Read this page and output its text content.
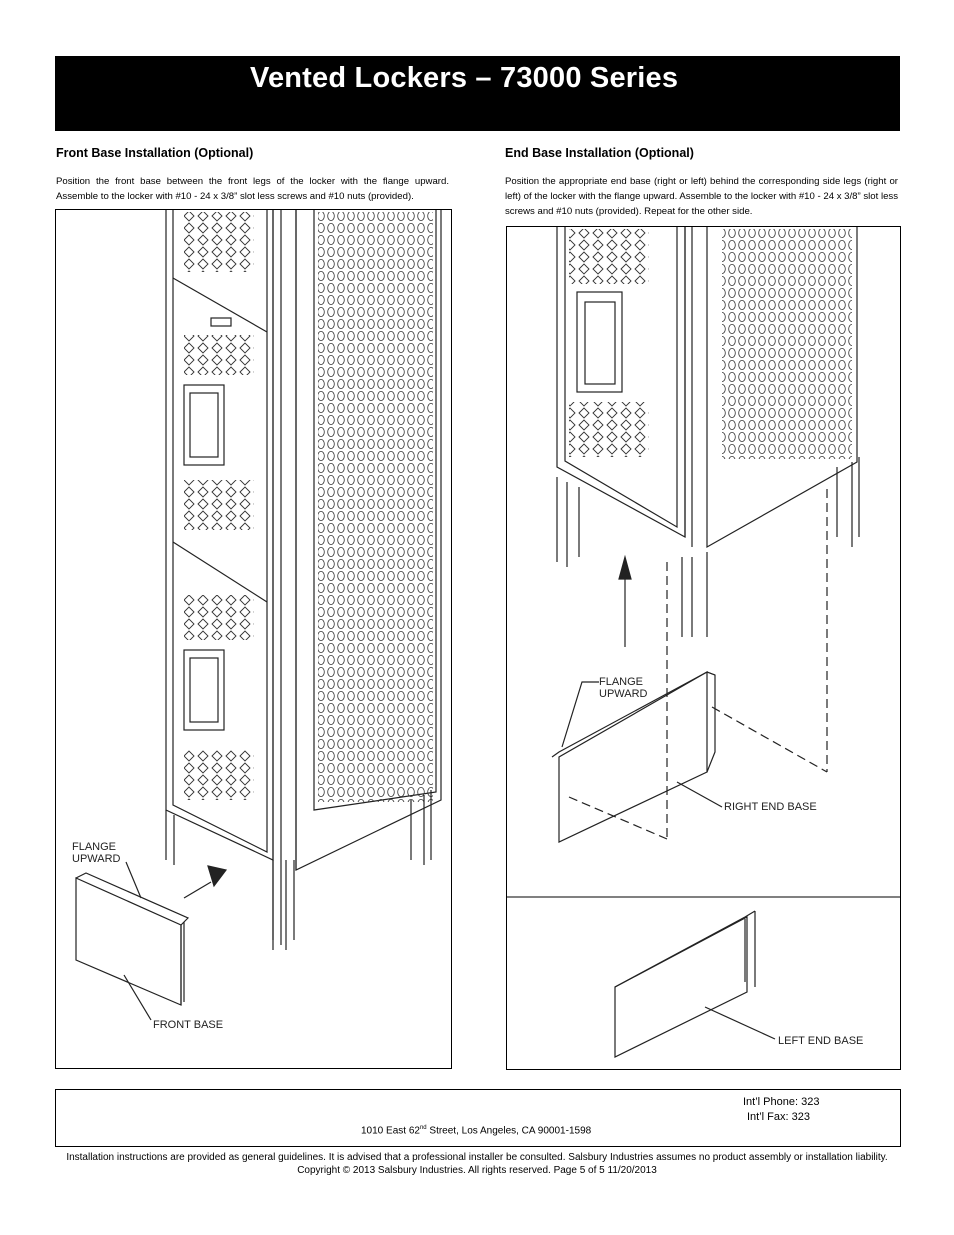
Vented Lockers – 73000 Series
Front Base Installation (Optional)
Position the front base between the front legs of the locker with the flange upward. Assemble to the locker with #10 - 24 x 3/8” slot less screws and #10 nuts (provided).
FLANGE
UPWARD
FRONT BASE
End Base Installation (Optional)
Position the appropriate end base (right or left) behind the corresponding side legs (right or left) of the locker with the flange upward. Assemble to the locker with #10 - 24 x 3/8” slot less screws and #10 nuts (provided). Repeat for the other side.
FLANGE
UPWARD
RIGHT END BASE
LEFT END BASE
Int’l Phone: 323
Int’l Fax: 323
1010 East 62nd Street, Los Angeles, CA 90001-1598
Installation instructions are provided as general guidelines. It is advised that a professional installer be consulted. Salsbury Industries assumes no product assembly or installation liability.
Copyright © 2013 Salsbury Industries. All rights reserved. Page 5 of 5 11/20/2013
